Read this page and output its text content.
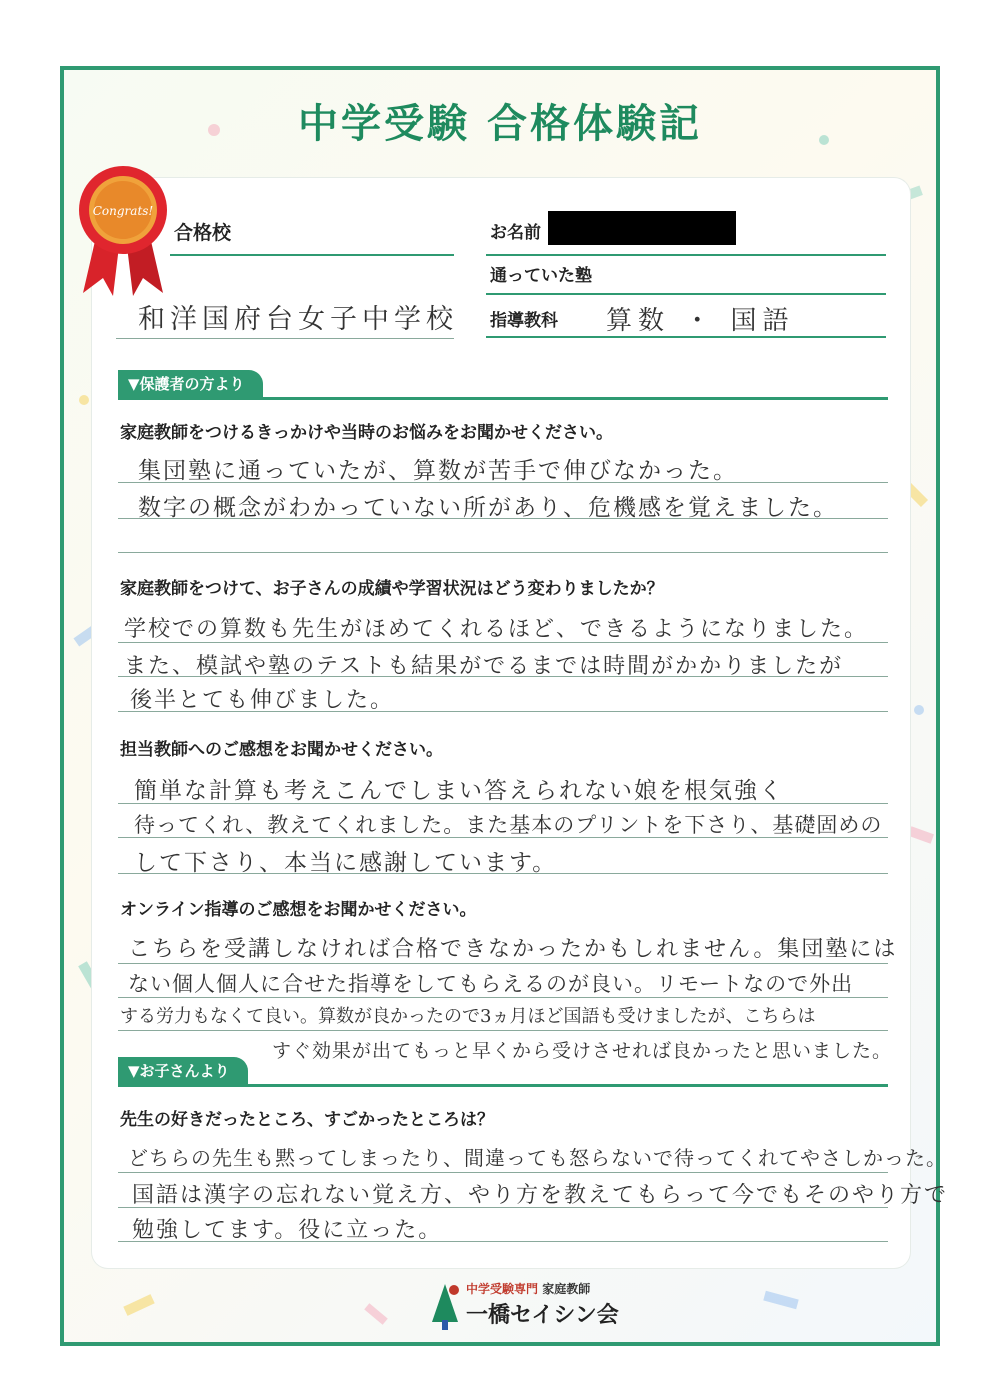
中学受験 合格体験記
Congrats!
合格校
和洋国府台女子中学校
お名前
通っていた塾
指導教科 算数 ・ 国語
▼保護者の方より
家庭教師をつけるきっかけや当時のお悩みをお聞かせください。
集団塾に通っていたが、算数が苦手で伸びなかった。
数字の概念がわかっていない所があり、危機感を覚えました。
家庭教師をつけて、お子さんの成績や学習状況はどう変わりましたか？
学校での算数も先生がほめてくれるほど、できるようになりました。
また、模試や塾のテストも結果がでるまでは時間がかかりましたが
後半とても伸びました。
担当教師へのご感想をお聞かせください。
簡単な計算も考えこんでしまい答えられない娘を根気強く
待ってくれ、教えてくれました。また基本のプリントを下さり、基礎固めの
して下さり、本当に感謝しています。
オンライン指導のご感想をお聞かせください。
こちらを受講しなければ合格できなかったかもしれません。集団塾には
ない個人個人に合せた指導をしてもらえるのが良い。リモートなので外出
する労力もなくて良い。算数が良かったので3ヵ月ほど国語も受けましたが、こちらは
すぐ効果が出てもっと早くから受けさせれば良かったと思いました。
▼お子さんより
先生の好きだったところ、すごかったところは？
どちらの先生も黙ってしまったり、間違っても怒らないで待ってくれてやさしかった。
国語は漢字の忘れない覚え方、やり方を教えてもらって今でもそのやり方で
勉強してます。役に立った。
中学受験専門 家庭教師
一橋セイシン会
